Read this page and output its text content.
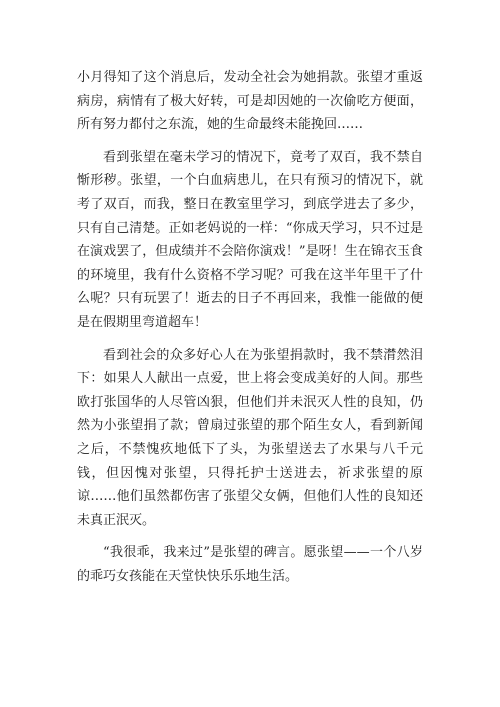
小月得知了这个消息后，发动全社会为她捐款。张望才重返病房，病情有了极大好转，可是却因她的一次偷吃方便面，所有努力都付之东流，她的生命最终未能挽回……

看到张望在毫未学习的情况下，竟考了双百，我不禁自惭形秽。张望，一个白血病患儿，在只有预习的情况下，就考了双百，而我，整日在教室里学习，到底学进去了多少，只有自己清楚。正如老妈说的一样：“你成天学习，只不过是在演戏罢了，但成绩并不会陪你演戏！”是呀！生在锦衣玉食的环境里，我有什么资格不学习呢？可我在这半年里干了什么呢？只有玩罢了！逝去的日子不再回来，我惟一能做的便是在假期里弯道超车！

看到社会的众多好心人在为张望捐款时，我不禁潸然泪下：如果人人献出一点爱，世上将会变成美好的人间。那些欧打张国华的人尽管凶狠，但他们并未泯灭人性的良知，仍然为小张望捐了款；曾扇过张望的那个陌生女人，看到新闻之后，不禁愧疚地低下了头，为张望送去了水果与八千元钱，但因愧对张望，只得托护士送进去，祈求张望的原谅……他们虽然都伤害了张望父女俩，但他们人性的良知还未真正泯灭。

“我很乖，我来过”是张望的碑言。愿张望——一个八岁的乖巧女孩能在天堂快快乐乐地生活。
